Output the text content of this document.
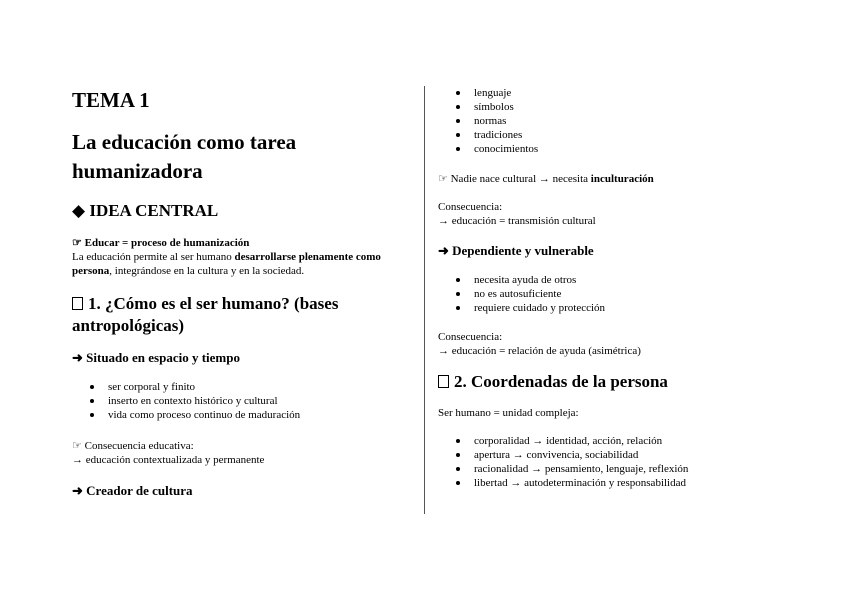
TEMA 1
La educación como tarea
humanizadora
◆ IDEA CENTRAL
☞ Educar = proceso de humanización
La educación permite al ser humano desarrollarse plenamente como persona, integrándose en la cultura y en la sociedad.
1. ¿Cómo es el ser humano? (bases antropológicas)
➜ Situado en espacio y tiempo
ser corporal y finito
inserto en contexto histórico y cultural
vida como proceso continuo de maduración
☞ Consecuencia educativa:
→ educación contextualizada y permanente
➜ Creador de cultura
lenguaje
símbolos
normas
tradiciones
conocimientos
☞ Nadie nace cultural → necesita inculturación
Consecuencia:
→ educación = transmisión cultural
➜ Dependiente y vulnerable
necesita ayuda de otros
no es autosuficiente
requiere cuidado y protección
Consecuencia:
→ educación = relación de ayuda (asimétrica)
2. Coordenadas de la persona
Ser humano = unidad compleja:
corporalidad → identidad, acción, relación
apertura → convivencia, sociabilidad
racionalidad → pensamiento, lenguaje, reflexión
libertad → autodeterminación y responsabilidad
